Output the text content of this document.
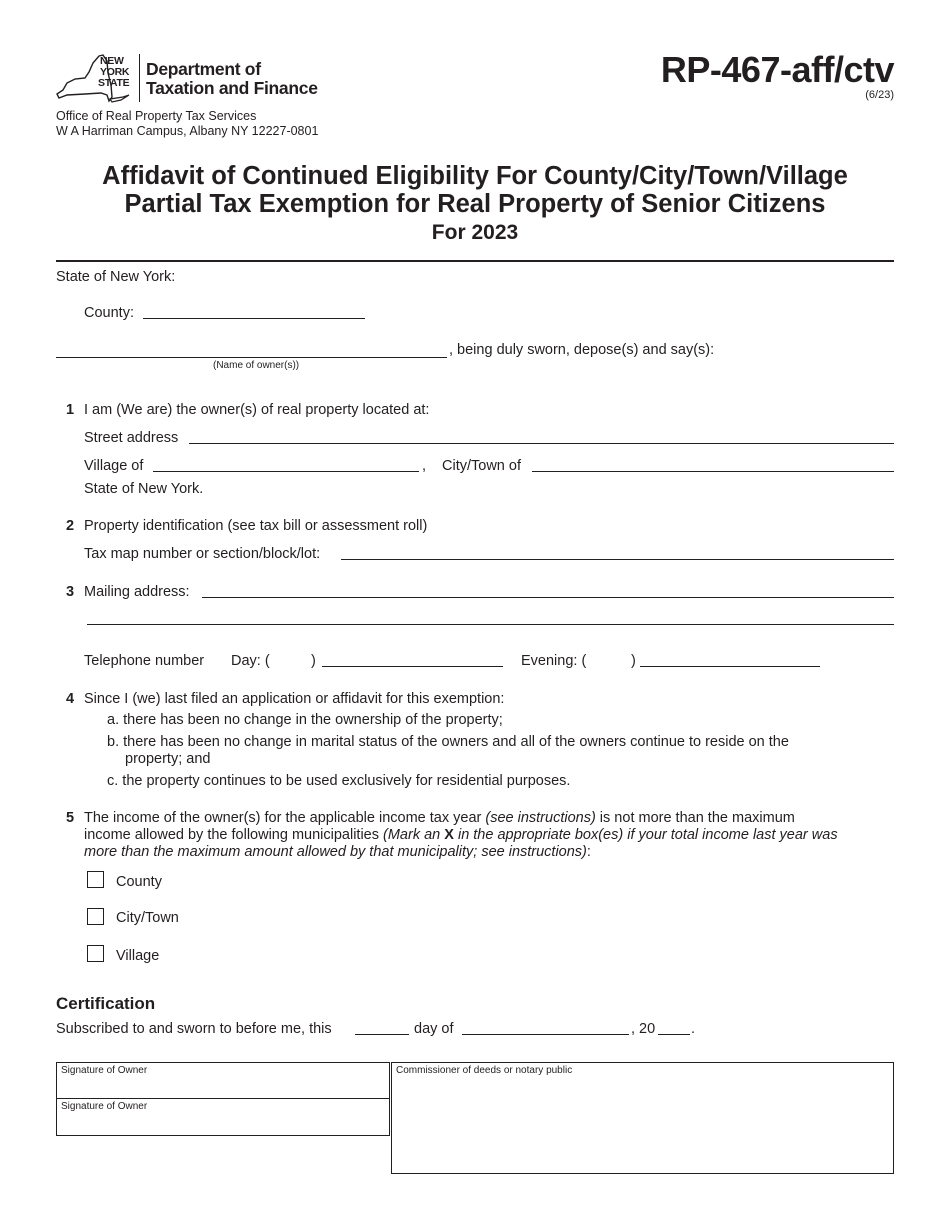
NEW
YORK
STATE
Department of
Taxation and Finance
Office of Real Property Tax Services
W A Harriman Campus, Albany NY 12227-0801
RP-467-aff/ctv
(6/23)
Affidavit of Continued Eligibility For County/City/Town/Village
Partial Tax Exemption for Real Property of Senior Citizens
For 2023
State of New York:
County:
, being duly sworn, depose(s) and say(s):
(Name of owner(s))
1 I am (We are) the owner(s) of real property located at:
Street address
Village of	, City/Town of
State of New York.
2 Property identification (see tax bill or assessment roll)
Tax map number or section/block/lot:
3 Mailing address:
Telephone number Day: (	)	Evening: (	)
4 Since I (we) last filed an application or affidavit for this exemption:
a. there has been no change in the ownership of the property;
b. there has been no change in marital status of the owners and all of the owners continue to reside on the
property; and
c. the property continues to be used exclusively for residential purposes.
5 The income of the owner(s) for the applicable income tax year (see instructions) is not more than the maximum
income allowed by the following municipalities (Mark an X in the appropriate box(es) if your total income last year was
more than the maximum amount allowed by that municipality; see instructions):
County
City/Town
Village
Certification
Subscribed to and sworn to before me, this	day of	, 20 .
Signature of Owner
Signature of Owner
Commissioner of deeds or notary public
